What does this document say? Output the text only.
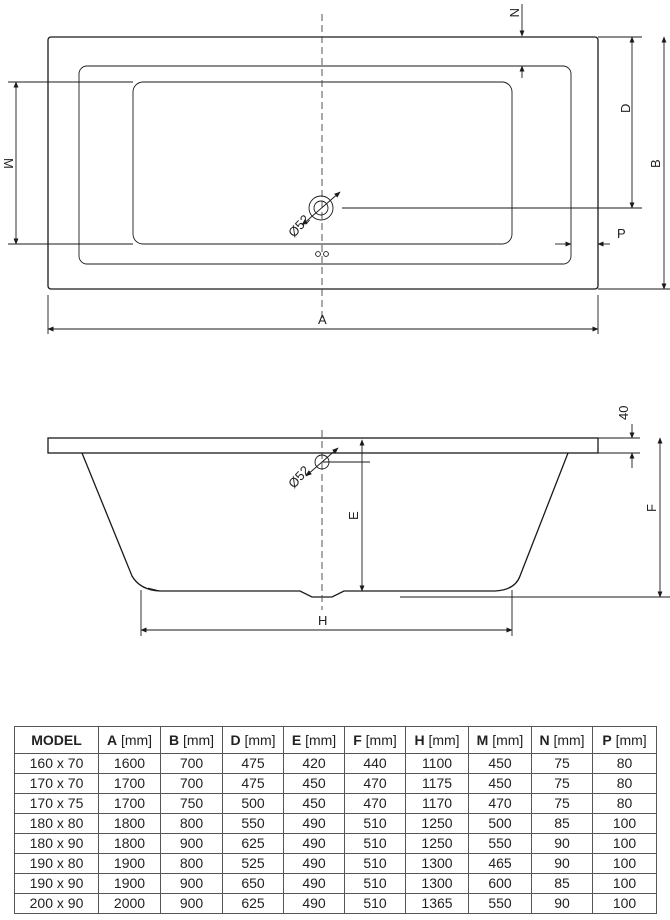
Ø52
N
D
B
P
M
A
Ø52
E
40
F
H
MODEL	A [mm]	B [mm]	D [mm]	E [mm]	F [mm]	H [mm]	M [mm]	N [mm]	P [mm]
160 x 70	1600	700	475	420	440	1100	450	75	80
170 x 70	1700	700	475	450	470	1175	450	75	80
170 x 75	1700	750	500	450	470	1170	470	75	80
180 x 80	1800	800	550	490	510	1250	500	85	100
180 x 90	1800	900	625	490	510	1250	550	90	100
190 x 80	1900	800	525	490	510	1300	465	90	100
190 x 90	1900	900	650	490	510	1300	600	85	100
200 x 90	2000	900	625	490	510	1365	550	90	100
